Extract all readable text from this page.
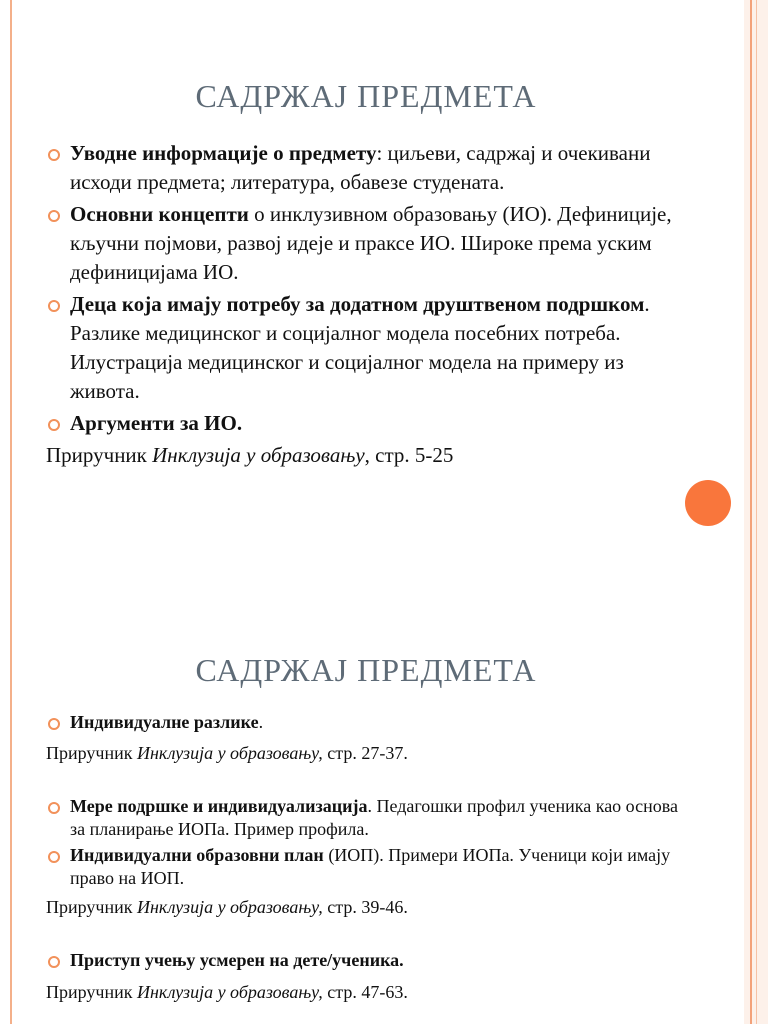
САДРЖАЈ ПРЕДМЕТА
Уводне информације о предмету: циљеви, садржај и очекивани исходи предмета; литература, обавезе студената.
Основни концепти о инклузивном образовању (ИО). Дефиниције, кључни појмови, развој идеје и праксе ИО. Широке према уским дефиницијама ИО.
Деца која имају потребу за додатном друштвеном подршком. Разлике медицинског и социјалног модела посебних потреба. Илустрација медицинског и социјалног модела на примеру из живота.
Аргументи за ИО.
Приручник Инклузија у образовању, стр. 5-25
САДРЖАЈ ПРЕДМЕТА
Индивидуалне разлике.
Приручник Инклузија у образовању, стр. 27-37.
Мере подршке и индивидуализација. Педагошки профил ученика као основа за планирање ИОПа. Пример профила.
Индивидуални образовни план (ИОП). Примери ИОПа. Ученици који имају право на ИОП.
Приручник Инклузија у образовању, стр. 39-46.
Приступ учењу усмерен на дете/ученика.
Приручник Инклузија у образовању, стр. 47-63.
